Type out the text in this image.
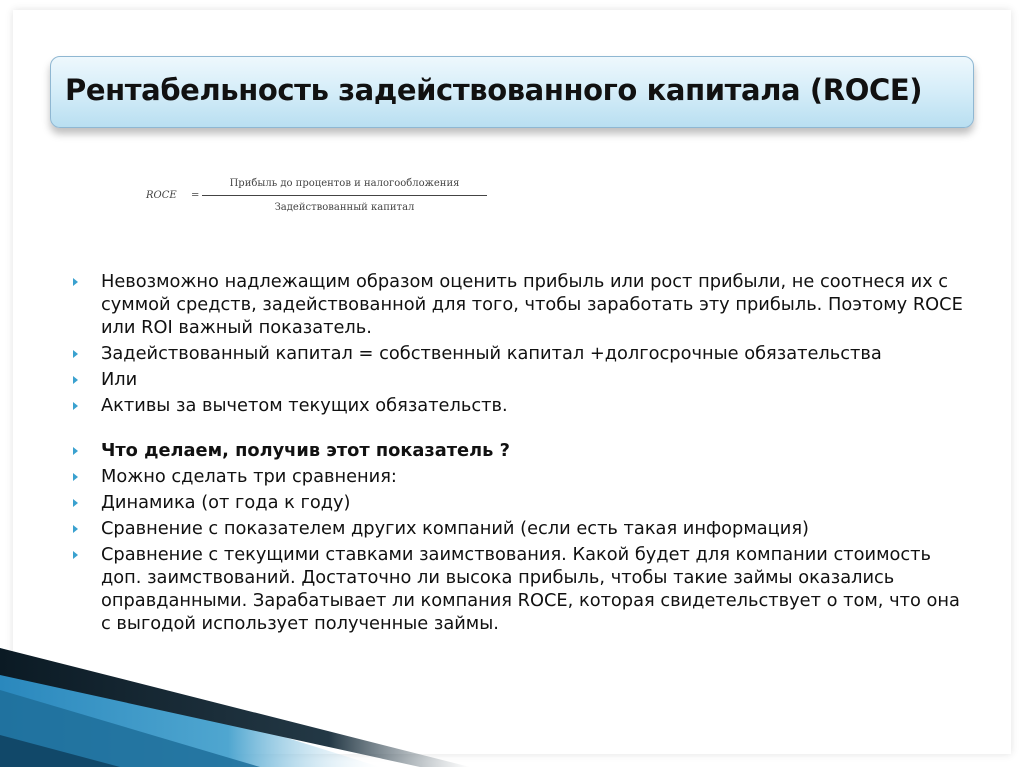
Рентабельность задействованного капитала (ROCE)
ROCE =
Прибыль до процентов и налогообложения
Задействованный капитал
Невозможно надлежащим образом оценить прибыль или рост прибыли, не соотнеся их с суммой средств, задействованной для того, чтобы заработать эту прибыль. Поэтому ROCE или ROI важный показатель.
Задействованный капитал = собственный капитал +долгосрочные обязательства
Или
Активы за вычетом текущих обязательств.
Что делаем, получив этот показатель ?
Можно сделать три сравнения:
Динамика (от года к году)
Сравнение с показателем других компаний (если есть такая информация)
Сравнение с текущими ставками заимствования. Какой будет для компании стоимость доп. заимствований. Достаточно ли высока прибыль, чтобы такие займы оказались оправданными. Зарабатывает ли компания ROCE, которая свидетельствует о том, что она с выгодой использует полученные займы.
